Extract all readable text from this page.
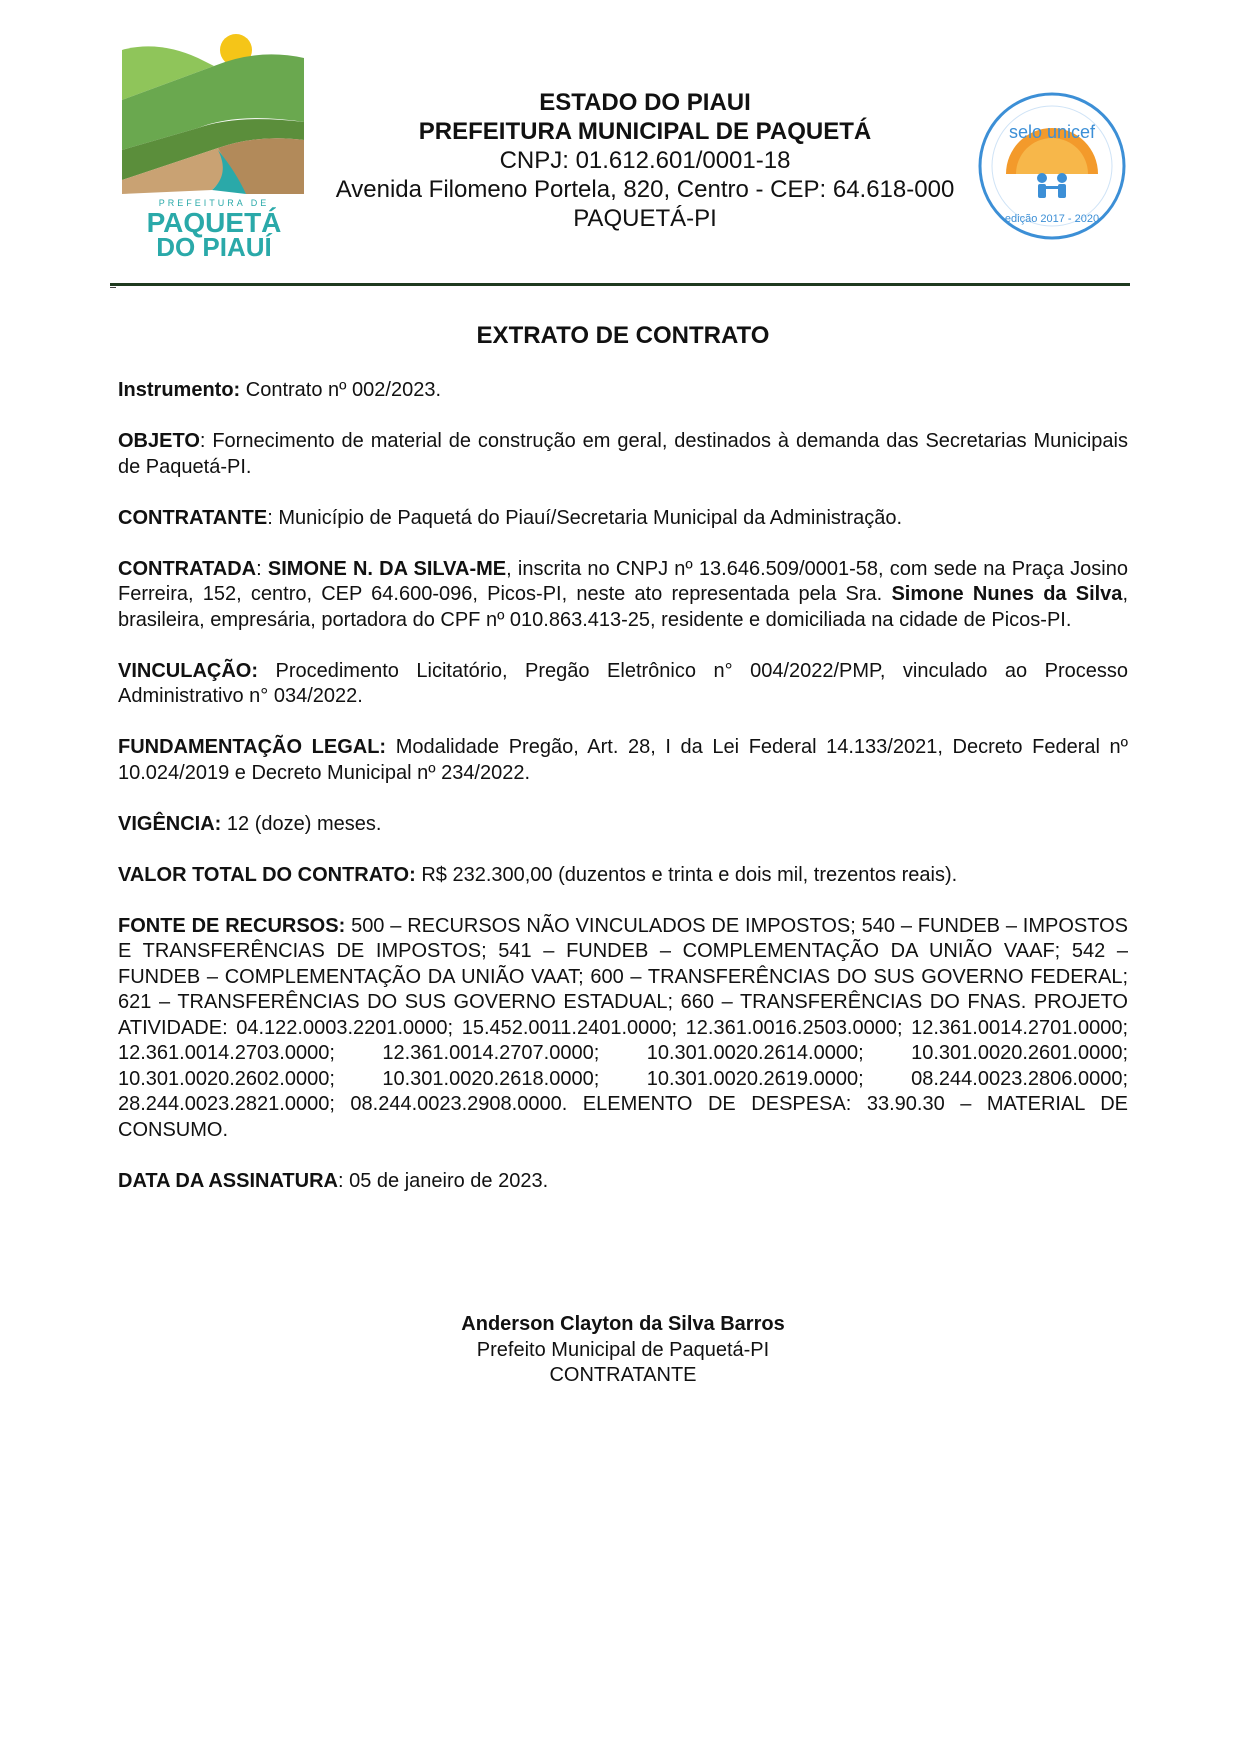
PREFEITURA DE
PAQUETÁ
DO PIAUÍ
ESTADO DO PIAUI
PREFEITURA MUNICIPAL DE PAQUETÁ
CNPJ: 01.612.601/0001-18
Avenida Filomeno Portela, 820, Centro - CEP: 64.618-000
PAQUETÁ-PI
selo unicef
edição 2017 - 2020
EXTRATO DE CONTRATO

Instrumento: Contrato nº 002/2023.

OBJETO: Fornecimento de material de construção em geral, destinados à demanda das Secretarias Municipais de Paquetá-PI.

CONTRATANTE: Município de Paquetá do Piauí/Secretaria Municipal da Administração.

CONTRATADA: SIMONE N. DA SILVA-ME, inscrita no CNPJ nº 13.646.509/0001-58, com sede na Praça Josino Ferreira, 152, centro, CEP 64.600-096, Picos-PI, neste ato representada pela Sra. Simone Nunes da Silva, brasileira, empresária, portadora do CPF nº 010.863.413-25, residente e domiciliada na cidade de Picos-PI.

VINCULAÇÃO: Procedimento Licitatório, Pregão Eletrônico n° 004/2022/PMP, vinculado ao Processo Administrativo n° 034/2022.

FUNDAMENTAÇÃO LEGAL: Modalidade Pregão, Art. 28, I da Lei Federal 14.133/2021, Decreto Federal nº 10.024/2019 e Decreto Municipal nº 234/2022.

VIGÊNCIA: 12 (doze) meses.

VALOR TOTAL DO CONTRATO: R$ 232.300,00 (duzentos e trinta e dois mil, trezentos reais).

FONTE DE RECURSOS: 500 – RECURSOS NÃO VINCULADOS DE IMPOSTOS; 540 – FUNDEB – IMPOSTOS E TRANSFERÊNCIAS DE IMPOSTOS; 541 – FUNDEB – COMPLEMENTAÇÃO DA UNIÃO VAAF; 542 – FUNDEB – COMPLEMENTAÇÃO DA UNIÃO VAAT; 600 – TRANSFERÊNCIAS DO SUS GOVERNO FEDERAL; 621 – TRANSFERÊNCIAS DO SUS GOVERNO ESTADUAL; 660 – TRANSFERÊNCIAS DO FNAS. PROJETO ATIVIDADE: 04.122.0003.2201.0000; 15.452.0011.2401.0000; 12.361.0016.2503.0000; 12.361.0014.2701.0000; 12.361.0014.2703.0000; 12.361.0014.2707.0000; 10.301.0020.2614.0000; 10.301.0020.2601.0000; 10.301.0020.2602.0000; 10.301.0020.2618.0000; 10.301.0020.2619.0000; 08.244.0023.2806.0000; 28.244.0023.2821.0000; 08.244.0023.2908.0000. ELEMENTO DE DESPESA: 33.90.30 – MATERIAL DE CONSUMO.

DATA DA ASSINATURA: 05 de janeiro de 2023.

Anderson Clayton da Silva Barros
Prefeito Municipal de Paquetá-PI
CONTRATANTE
